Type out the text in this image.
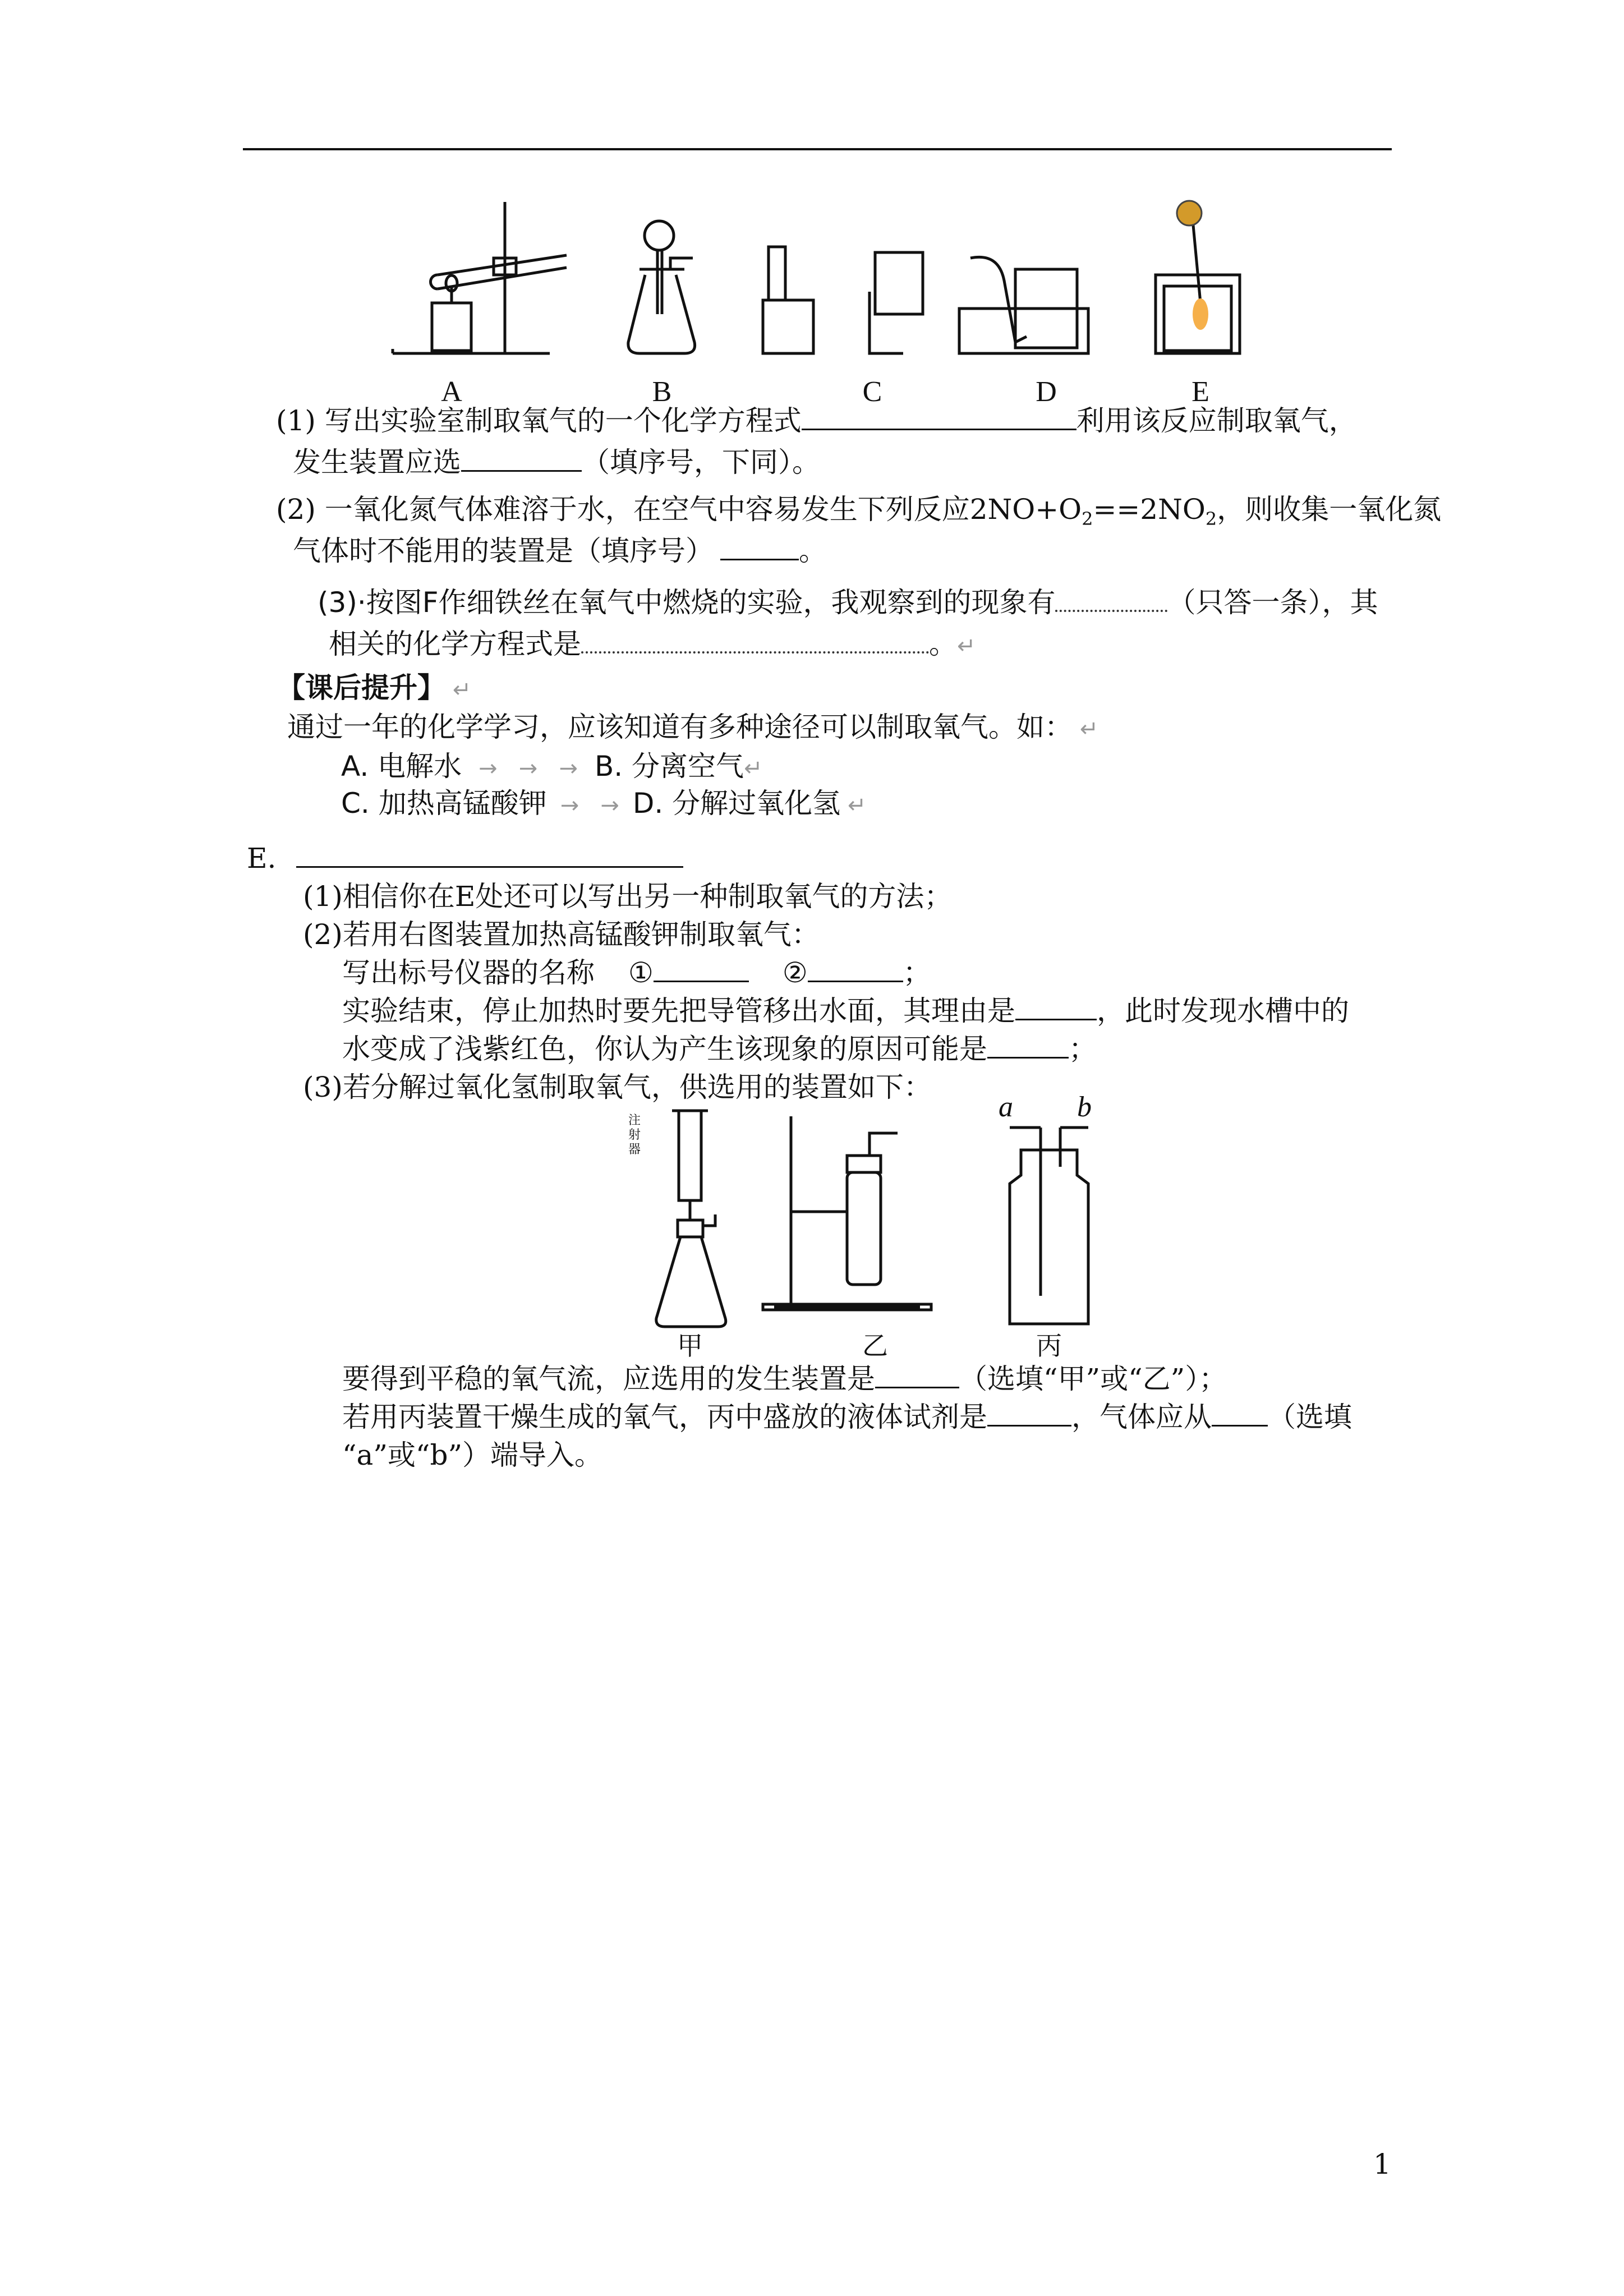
A	B	C	D	E
(1) 写出实验室制取氧气的一个化学方程式	利用该反应制取氧气，
发生装置应选	（填序号，下同）。
(2) 一氧化氮气体难溶于水，在空气中容易发生下列反应$2NO+O_2==2NO_2$，则收集一氧化氮
气体时不能用的装置是（填序号）	。
(3)·按图F作细铁丝在氧气中燃烧的实验，我观察到的现象有	（只答一条），其
相关的化学方程式是	。↵
【课后提升】 ↵
通过一年的化学学习，应该知道有多种途径可以制取氧气。如： ↵
A. 电解水 →   →   → B. 分离空气↵
C. 加热高锰酸钾 →   → D. 分解过氧化氢 ↵
E.
(1)相信你在E处还可以写出另一种制取氧气的方法；
(2)若用右图装置加热高锰酸钾制取氧气：
写出标号仪器的名称 ①	②	；
实验结束，停止加热时要先把导管移出水面，其理由是	，此时发现水槽中的
水变成了浅紫红色，你认为产生该现象的原因可能是	；
(3)若分解过氧化氢制取氧气，供选用的装置如下：
a b
甲	乙	丙
注射器
要得到平稳的氧气流，应选用的发生装置是	（选填“甲”或“乙”）；
若用丙装置干燥生成的氧气，丙中盛放的液体试剂是	，气体应从 （选填
“a”或“b”）端导入。
1
